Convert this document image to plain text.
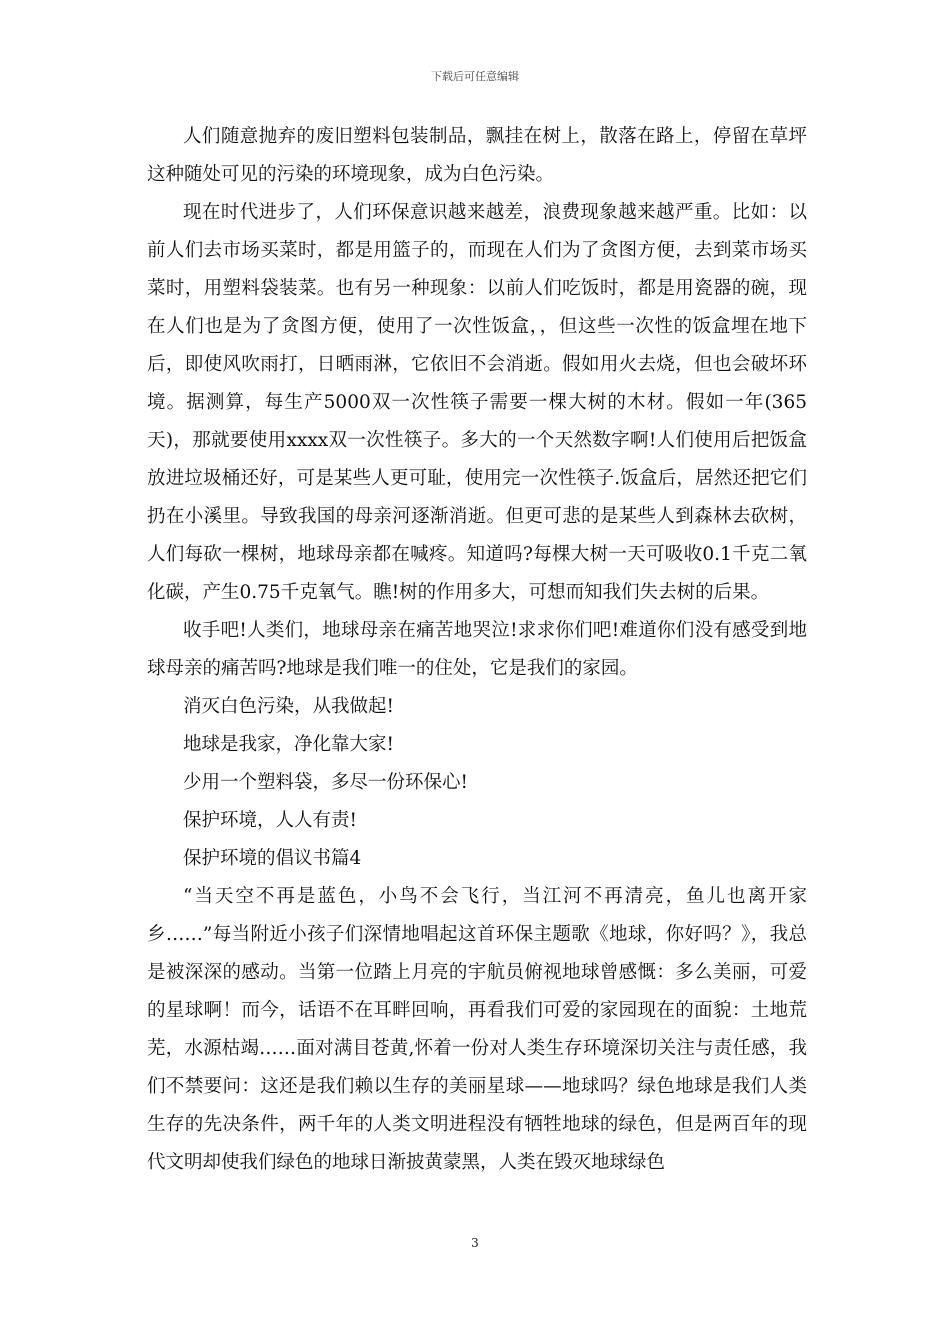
下载后可任意编辑

人们随意抛弃的废旧塑料包装制品，飘挂在树上，散落在路上，停留在草坪这种随处可见的污染的环境现象，成为白色污染。

现在时代进步了，人们环保意识越来越差，浪费现象越来越严重。比如：以前人们去市场买菜时，都是用篮子的，而现在人们为了贪图方便，去到菜市场买菜时，用塑料袋装菜。也有另一种现象：以前人们吃饭时，都是用瓷器的碗，现在人们也是为了贪图方便，使用了一次性饭盒，，但这些一次性的饭盒埋在地下后，即使风吹雨打，日晒雨淋，它依旧不会消逝。假如用火去烧，但也会破坏环境。据测算，每生产5000双一次性筷子需要一棵大树的木材。假如一年(365天)，那就要使用xxxx双一次性筷子。多大的一个天然数字啊!人们使用后把饭盒放进垃圾桶还好，可是某些人更可耻，使用完一次性筷子.饭盒后，居然还把它们扔在小溪里。导致我国的母亲河逐渐消逝。但更可悲的是某些人到森林去砍树，人们每砍一棵树，地球母亲都在喊疼。知道吗?每棵大树一天可吸收0.1千克二氧化碳，产生0.75千克氧气。瞧!树的作用多大，可想而知我们失去树的后果。

收手吧!人类们，地球母亲在痛苦地哭泣!求求你们吧!难道你们没有感受到地球母亲的痛苦吗?地球是我们唯一的住处，它是我们的家园。

消灭白色污染，从我做起!

地球是我家，净化靠大家!

少用一个塑料袋，多尽一份环保心!

保护环境，人人有责!

保护环境的倡议书篇4

“当天空不再是蓝色，小鸟不会飞行，当江河不再清亮，鱼儿也离开家乡……”每当附近小孩子们深情地唱起这首环保主题歌《地球，你好吗？》，我总是被深深的感动。当第一位踏上月亮的宇航员俯视地球曾感慨：多么美丽，可爱的星球啊！而今，话语不在耳畔回响，再看我们可爱的家园现在的面貌：土地荒芜，水源枯竭……面对满目苍黄,怀着一份对人类生存环境深切关注与责任感，我们不禁要问：这还是我们赖以生存的美丽星球——地球吗？绿色地球是我们人类生存的先决条件，两千年的人类文明进程没有牺牲地球的绿色，但是两百年的现代文明却使我们绿色的地球日渐披黄蒙黑，人类在毁灭地球绿色

3
